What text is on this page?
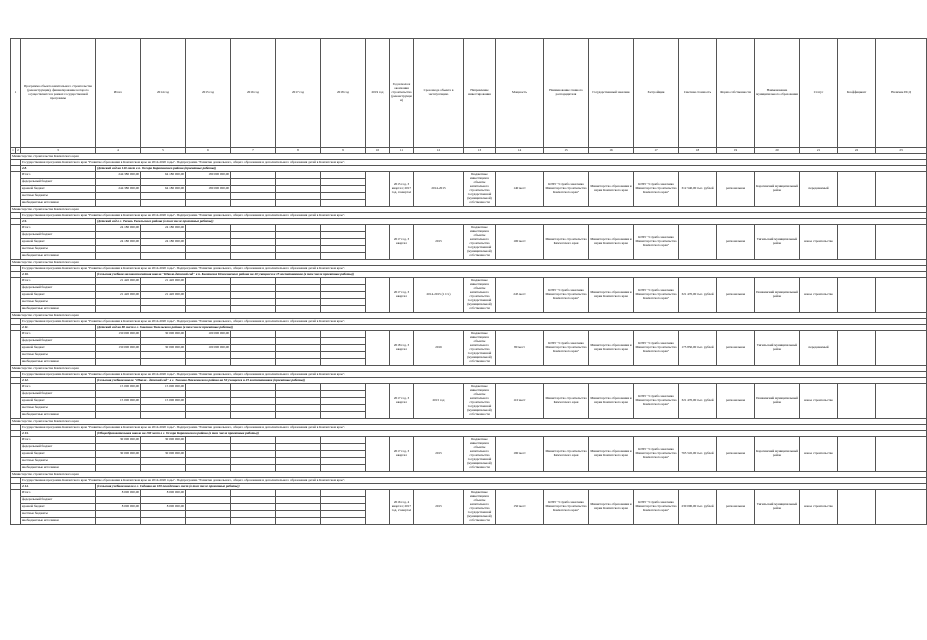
1		Программа объекта капитального строительства (реконструкции), финансирование которого осуществляется в рамках государственной программы	Итого	2014 год	2015 год	2016 год	2017 год	2018 год	2019 год	Год начала и окончания строительства (реконструкции)	Срок ввода объекта в эксплуатацию	Направление инвестирования	Мощность	Наименование главного распорядителя	Государственный заказчик	Застройщик	Сметная стоимость	Форма собственности	Наименование муниципального образования	Статус	Коэффициент	Наличие ПСД
1	2	3	4	5	6	7	8	9	10	11	12	13	14	15	16	17	18	19	20	21	22	23
Министерство строительства Камчатского края																						
		Государственная программа Камчатского края "Развитие образования в Камчатском крае на 2014-2020 годы". Подпрограмма "Развитие дошкольного, общего образования и дополнительного образования детей в Камчатском крае".																				
		2.8.	(Детский сад на 140 мест в п. Оссора Карагинского района (проектные работы))																			
		Итого	244 380 000,00	64 180 000,00	180 000 000,00					2015 год, 3 квартал; 2017 год, 4 квартал	2014-2015	Бюджетные инвестиции в объекты капитального строительства государственной (муниципальной) собственности	140 мест	КГБУ "Служба заказчика Министерства строительства Камчатского края"	Министерство образования и науки Камчатского края	КГБУ "Служба заказчика Министерства строительства Камчатского края"	312 540,00 тыс. рублей	региональная	Карагинский муниципальный район	передаваемый		
		федеральный бюджет																				
		краевой бюджет	244 380 000,00	64 180 000,00	180 000 000,00																	
		местные бюджеты																				
		внебюджетные источники																				
Министерство строительства Камчатского края																						
		Государственная программа Камчатского края "Развитие образования в Камчатском крае на 2014-2020 годы". Подпрограмма "Развитие дошкольного, общего образования и дополнительного образования детей в Камчатском крае".																				
		2.9.	(Детский сад в с. Тигиль Тигильского района (в том числе проектные работы))																			
		Итого	24 180 000,00	24 180 000,00						2017 год, 3 квартал	2015	Бюджетные инвестиции в объекты капитального строительства государственной (муниципальной) собственности	100 мест	Министерство строительства Камчатского края	Министерство образования и науки Камчатского края	КГБУ "Служба заказчика Министерства строительства Камчатского края"		региональная	Тигильский муниципальный район	новое строительство		
		федеральный бюджет																				
		краевой бюджет	24 180 000,00	24 180 000,00																		
		местные бюджеты																				
		внебюджетные источники																				
Министерство строительства Камчатского края																						
		Государственная программа Камчатского края "Развитие образования в Камчатском крае на 2014-2020 годы". Подпрограмма "Развитие дошкольного, общего образования и дополнительного образования детей в Камчатском крае".																				
		2.10.	(Сельская учебная малокомплектная школа "Школа-детский сад" в п. Каменское Пенжинского района на 40 учащихся и 15 воспитанников (в том числе проектные работы))																			
		Итого	21 420 000,00	21 420 000,00						2017 год, 3 квартал	2014-2015 (1 Ст.)	Бюджетные инвестиции в объекты капитального строительства государственной (муниципальной) собственности	245 мест	КГБУ "Служба заказчика Министерства строительства Камчатского края"	Министерство образования и науки Камчатского края	КГБУ "Служба заказчика Министерства строительства Камчатского края"	321 470,00 тыс. рублей	региональная	Пенжинский муниципальный район	новое строительство		
		федеральный бюджет																				
		краевой бюджет	21 420 000,00	21 420 000,00																		
		местные бюджеты																				
		внебюджетные источники																				
Министерство строительства Камчатского края																						
		Государственная программа Камчатского края "Развитие образования в Камчатском крае на 2014-2020 годы". Подпрограмма "Развитие дошкольного, общего образования и дополнительного образования детей в Камчатском крае".																				
		2.11.	(Детский сад на 80 мест в с. Хаилино Тигильского района (в том числе проектные работы))																			
		Итого	130 000 000,00	30 000 000,00	100 000 000,00					2018 год, 3 квартал	2016	Бюджетные инвестиции в объекты капитального строительства государственной (муниципальной) собственности	80 мест	КГБУ "Служба заказчика Министерства строительства Камчатского края"	Министерство образования и науки Камчатского края	КГБУ "Служба заказчика Министерства строительства Камчатского края"	175 850,00 тыс. рублей	региональная	Тигильский муниципальный район	передаваемый		
		федеральный бюджет																				
		краевой бюджет	130 000 000,00	30 000 000,00	100 000 000,00																	
		местные бюджеты																				
		внебюджетные источники																				
Министерство строительства Камчатского края																						
		Государственная программа Камчатского края "Развитие образования в Камчатском крае на 2014-2020 годы". Подпрограмма "Развитие дошкольного, общего образования и дополнительного образования детей в Камчатском крае".																				
		2.12.	(Сельская учебная школа "Школа - детский сад" в с. Таловка Пенжинского района на 50 учащихся и 25 воспитанников (проектные работы))																			
		Итого	15 000 000,00	15 000 000,00						2017 год, 3 квартал	2015 год	Бюджетные инвестиции в объекты капитального строительства государственной (муниципальной) собственности	110 мест	Министерство строительства Камчатского края	Министерство образования и науки Камчатского края	КГБУ "Служба заказчика Министерства строительства Камчатского края"	321 470,00 тыс. рублей	региональная	Пенжинский муниципальный район	новое строительство		
		федеральный бюджет																				
		краевой бюджет	15 000 000,00	15 000 000,00																		
		местные бюджеты																				
		внебюджетные источники																				
Министерство строительства Камчатского края																						
		Государственная программа Камчатского края "Развитие образования в Камчатском крае на 2014-2020 годы". Подпрограмма "Развитие дошкольного, общего образования и дополнительного образования детей в Камчатском крае".																				
		2.13.	(Общеобразовательная школа на 190 мест в с. Оссора Карагинского района (в том числе проектные работы))																			
		Итого	30 000 000,00	30 000 000,00						2017 год, 3 квартал	2015	Бюджетные инвестиции в объекты капитального строительства государственной (муниципальной) собственности	190 мест	Министерство строительства Камчатского края	Министерство образования и науки Камчатского края	КГБУ "Служба заказчика Министерства строительства Камчатского края"	765 545,00 тыс. рублей	региональная	Карагинский муниципальный район	новое строительство		
		федеральный бюджет																				
		краевой бюджет	30 000 000,00	30 000 000,00																		
		местные бюджеты																				
		внебюджетные источники																				
Министерство строительства Камчатского края																						
		Государственная программа Камчатского края "Развитие образования в Камчатском крае на 2014-2020 годы". Подпрограмма "Развитие дошкольного, общего образования и дополнительного образования детей в Камчатском крае".																				
		2.14.	(Сельская учебная школа в с. Седанка на 100 посадочных мест (в том числе проектные работы))																			
		Итого	8 000 000,00	8 000 000,00						2016 год, 4 квартал; 2017 год, 2 квартал	2015	Бюджетные инвестиции в объекты капитального строительства государственной (муниципальной) собственности	150 мест	КГБУ "Служба заказчика Министерства строительства Камчатского края"	Министерство образования и науки Камчатского края	КГБУ "Служба заказчика Министерства строительства Камчатского края"	230 000,00 тыс. рублей	региональная	Тигильский муниципальный район	новое строительство		
		федеральный бюджет																				
		краевой бюджет	8 000 000,00	8 000 000,00																		
		местные бюджеты																				
		внебюджетные источники																				
